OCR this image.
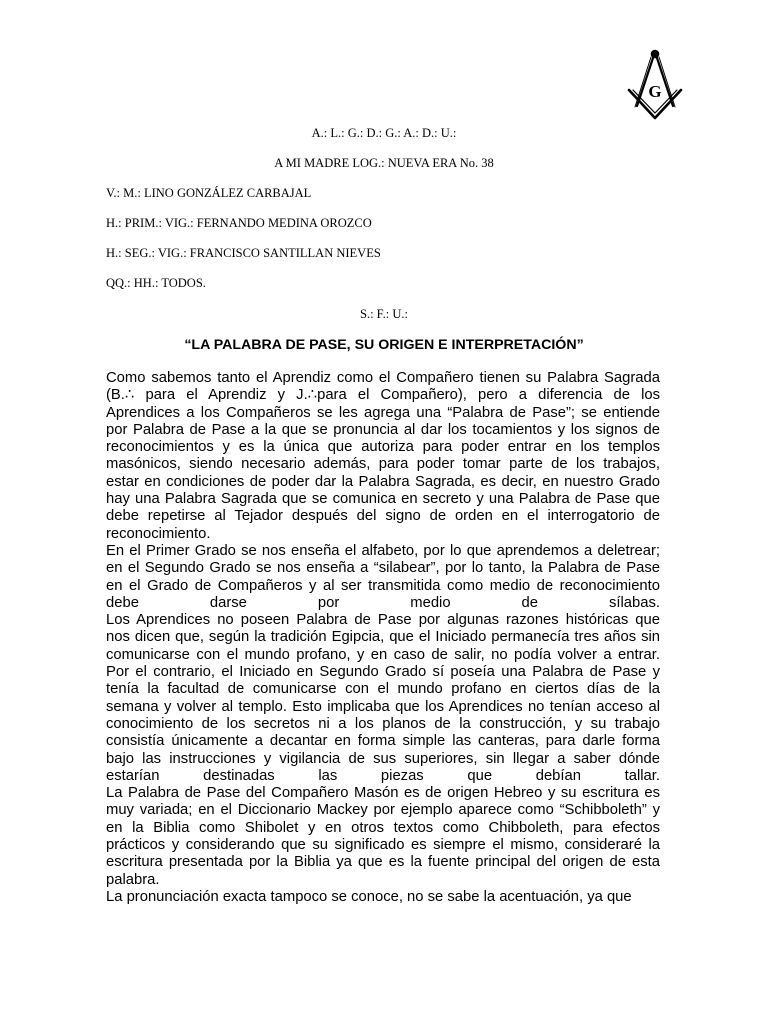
G
A.: L.: G.: D.: G.: A.: D.: U.:
A MI MADRE LOG.: NUEVA ERA No. 38
V.: M.: LINO GONZÁLEZ CARBAJAL
H.: PRIM.: VIG.: FERNANDO MEDINA OROZCO
H.: SEG.: VIG.: FRANCISCO SANTILLAN NIEVES
QQ.: HH.: TODOS.
S.: F.: U.:
“LA PALABRA DE PASE, SU ORIGEN E INTERPRETACIÓN”
Como sabemos tanto el Aprendiz como el Compañero tienen su Palabra Sagrada
(B.∴ para el Aprendiz y J.∴para el Compañero), pero a diferencia de los
Aprendices a los Compañeros se les agrega una “Palabra de Pase”; se entiende
por Palabra de Pase a la que se pronuncia al dar los tocamientos y los signos de
reconocimientos y es la única que autoriza para poder entrar en los templos
masónicos, siendo necesario además, para poder tomar parte de los trabajos,
estar en condiciones de poder dar la Palabra Sagrada, es decir, en nuestro Grado
hay una Palabra Sagrada que se comunica en secreto y una Palabra de Pase que
debe repetirse al Tejador después del signo de orden en el interrogatorio de
reconocimiento.
En el Primer Grado se nos enseña el alfabeto, por lo que aprendemos a deletrear;
en el Segundo Grado se nos enseña a “silabear”, por lo tanto, la Palabra de Pase
en el Grado de Compañeros y al ser transmitida como medio de reconocimiento
debe darse por medio de sílabas.
Los Aprendices no poseen Palabra de Pase por algunas razones históricas que
nos dicen que, según la tradición Egipcia, que el Iniciado permanecía tres años sin
comunicarse con el mundo profano, y en caso de salir, no podía volver a entrar.
Por el contrario, el Iniciado en Segundo Grado sí poseía una Palabra de Pase y
tenía la facultad de comunicarse con el mundo profano en ciertos días de la
semana y volver al templo. Esto implicaba que los Aprendices no tenían acceso al
conocimiento de los secretos ni a los planos de la construcción, y su trabajo
consistía únicamente a decantar en forma simple las canteras, para darle forma
bajo las instrucciones y vigilancia de sus superiores, sin llegar a saber dónde
estarían destinadas las piezas que debían tallar.
La Palabra de Pase del Compañero Masón es de origen Hebreo y su escritura es
muy variada; en el Diccionario Mackey por ejemplo aparece como “Schibboleth” y
en la Biblia como Shibolet y en otros textos como Chibboleth, para efectos
prácticos y considerando que su significado es siempre el mismo, consideraré la
escritura presentada por la Biblia ya que es la fuente principal del origen de esta
palabra.
La pronunciación exacta tampoco se conoce, no se sabe la acentuación, ya que
